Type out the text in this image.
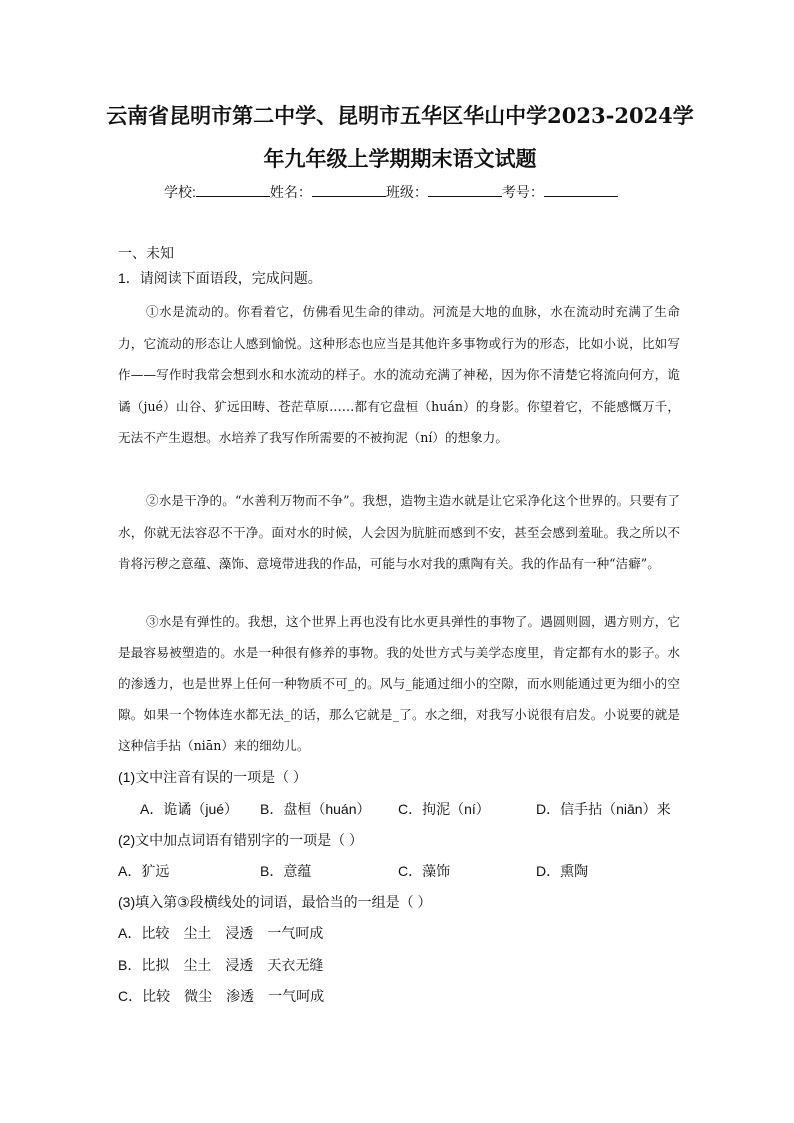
云南省昆明市第二中学、昆明市五华区华山中学2023-2024学
年九年级上学期期末语文试题
学校:	姓名：	班级：	考号：
一、未知
1．请阅读下面语段，完成问题。

①水是流动的。你看着它，仿佛看见生命的律动。河流是大地的血脉，水在流动时充满了生命力，它流动的形态让人感到愉悦。这种形态也应当是其他许多事物或行为的形态，比如小说，比如写作——写作时我常会想到水和水流动的样子。水的流动充满了神秘，因为你不清楚它将流向何方，诡谲（jué）山谷、犷远田畴、苍茫草原……都有它盘桓（huán）的身影。你望着它，不能感慨万千，无法不产生遐想。水培养了我写作所需要的不被拘泥（ní）的想象力。

②水是干净的。“水善利万物而不争”。我想，造物主造水就是让它采净化这个世界的。只要有了水，你就无法容忍不干净。面对水的时候，人会因为肮脏而感到不安，甚至会感到羞耻。我之所以不肯将污秽之意蕴、藻饰、意境带进我的作品，可能与水对我的熏陶有关。我的作品有一种“洁癖”。

③水是有弹性的。我想，这个世界上再也没有比水更具弹性的事物了。遇圆则圆，遇方则方，它是最容易被塑造的。水是一种很有修养的事物。我的处世方式与美学态度里，肯定都有水的影子。水的渗透力，也是世界上任何一种物质不可_的。风与_能通过细小的空隙，而水则能通过更为细小的空隙。如果一个物体连水都无法_的话，那么它就是_了。水之细，对我写小说很有启发。小说要的就是这种信手拈（niān）来的细幼儿。

(1)文中注音有误的一项是（ ）
A．诡谲（jué） B．盘桓（huán） C．拘泥（ní）	D．信手拈（niān）来
(2)文中加点词语有错别字的一项是（ ）
A．犷远	B．意蕴	C．藻饰	D．熏陶
(3)填入第③段横线处的词语，最恰当的一组是（ ）
A．比较　尘土　浸透　一气呵成
B．比拟　尘土　浸透　天衣无缝
C．比较　微尘　渗透　一气呵成
